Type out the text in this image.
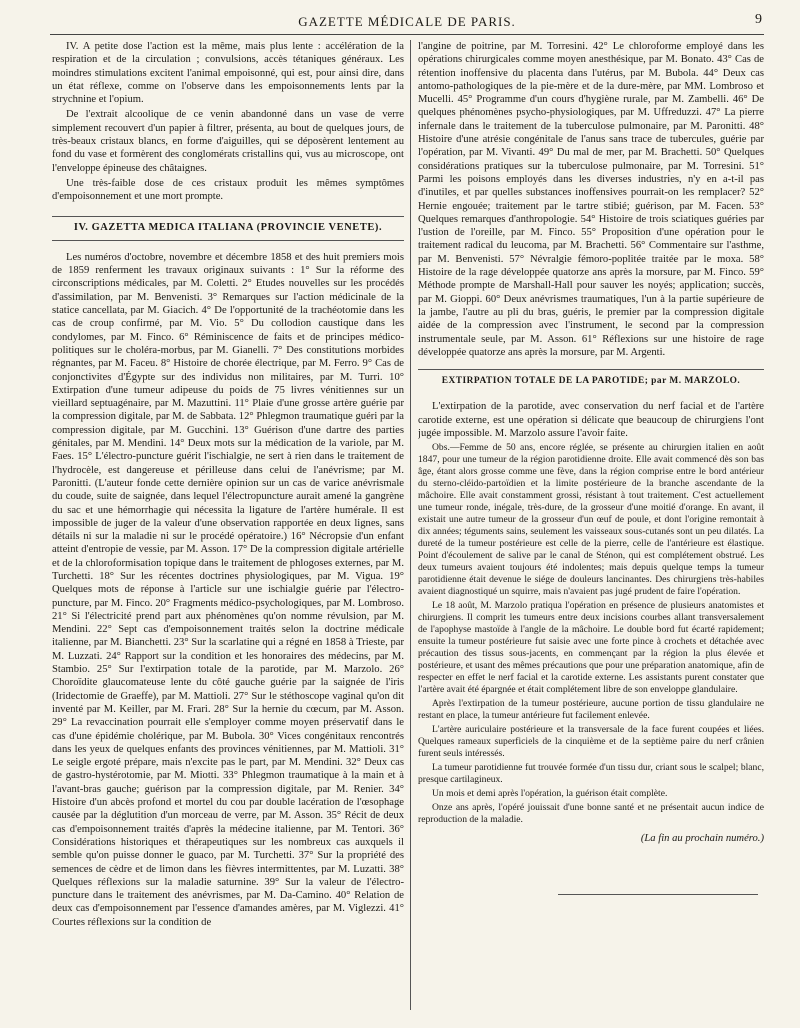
GAZETTE MÉDICALE DE PARIS.	9

IV. A petite dose l'action est la même, mais plus lente : accélération de la respiration et de la circulation ; convulsions, accès tétaniques généraux. Les moindres stimulations excitent l'animal empoisonné, qui est, pour ainsi dire, dans un état réflexe, comme on l'observe dans les empoisonnements lents par la strychnine et l'opium.

De l'extrait alcoolique de ce venin abandonné dans un vase de verre simplement recouvert d'un papier à filtrer, présenta, au bout de quelques jours, de très-beaux cristaux blancs, en forme d'aiguilles, qui se déposèrent lentement au fond du vase et formèrent des conglomérats cristallins qui, vus au microscope, ont l'enveloppe épineuse des châtaignes.

Une très-faible dose de ces cristaux produit les mêmes symptômes d'empoisonnement et une mort prompte.

IV. GAZETTA MEDICA ITALIANA (PROVINCIE VENETE).

Les numéros d'octobre, novembre et décembre 1858 et des huit premiers mois de 1859 renferment les travaux originaux suivants : 1° Sur la réforme des circonscriptions médicales, par M. Coletti. 2° Etudes nouvelles sur les procédés d'assimilation, par M. Benvenisti. 3° Remarques sur l'action médicinale de la statice cancellata, par M. Giacich. 4° De l'opportunité de la trachéotomie dans les cas de croup confirmé, par M. Vio. 5° Du collodion caustique dans les condylomes, par M. Finco. 6° Réminiscence de faits et de principes médico-politiques sur le choléra-morbus, par M. Gianelli. 7° Des constitutions morbides régnantes, par M. Faceu. 8° Histoire de chorée électrique, par M. Ferro. 9° Cas de conjonctivites d'Égypte sur des individus non militaires, par M. Turri. 10° Extirpation d'une tumeur adipeuse du poids de 75 livres vénitiennes sur un vieillard septuagénaire, par M. Mazuttini. 11° Plaie d'une grosse artère guérie par la compression digitale, par M. de Sabbata. 12° Phlegmon traumatique guéri par la compression digitale, par M. Gucchini. 13° Guérison d'une dartre des parties génitales, par M. Mendini. 14° Deux mots sur la médication de la variole, par M. Faes. 15° L'électro-puncture guérit l'ischialgie, ne sert à rien dans le traitement de l'hydrocèle, est dangereuse et périlleuse dans celui de l'anévrisme; par M. Paronitti. (L'auteur fonde cette dernière opinion sur un cas de varice anévrismale du coude, suite de saignée, dans lequel l'électropuncture aurait amené la gangrène du sac et une hémorrhagie qui nécessita la ligature de l'artère humérale. Il est impossible de juger de la valeur d'une observation rapportée en deux lignes, sans détails ni sur la maladie ni sur le procédé opératoire.) 16° Nécropsie d'un enfant atteint d'entropie de vessie, par M. Asson. 17° De la compression digitale artérielle et de la chloroformisation topique dans le traitement de phlogoses externes, par M. Turchetti. 18° Sur les récentes doctrines physiologiques, par M. Vigua. 19° Quelques mots de réponse à l'article sur une ischialgie guérie par l'électro-puncture, par M. Finco. 20° Fragments médico-psychologiques, par M. Lombroso. 21° Si l'électricité prend part aux phénomènes qu'on nomme révulsion, par M. Mendini. 22° Sept cas d'empoisonnement traités selon la doctrine médicale italienne, par M. Bianchetti. 23° Sur la scarlatine qui a régné en 1858 à Trieste, par M. Luzzati. 24° Rapport sur la condition et les honoraires des médecins, par M. Stambio. 25° Sur l'extirpation totale de la parotide, par M. Marzolo. 26° Choroïdite glaucomateuse lente du côté gauche guérie par la saignée de l'iris (Iridectomie de Graeffe), par M. Mattioli. 27° Sur le stéthoscope vaginal qu'on dit inventé par M. Keiller, par M. Frari. 28° Sur la hernie du cœcum, par M. Asson. 29° La revaccination pourrait elle s'employer comme moyen préservatif dans le cas d'une épidémie cholérique, par M. Bubola. 30° Vices congénitaux rencontrés dans les yeux de quelques enfants des provinces vénitiennes, par M. Mattioli. 31° Le seigle ergoté prépare, mais n'excite pas le part, par M. Mendini. 32° Deux cas de gastro-hystérotomie, par M. Miotti. 33° Phlegmon traumatique à la main et à l'avant-bras gauche; guérison par la compression digitale, par M. Renier. 34° Histoire d'un abcès profond et mortel du cou par double lacération de l'œsophage causée par la déglutition d'un morceau de verre, par M. Asson. 35° Récit de deux cas d'empoisonnement traités d'après la médecine italienne, par M. Tentori. 36° Considérations historiques et thérapeutiques sur les nombreux cas auxquels il semble qu'on puisse donner le guaco, par M. Turchetti. 37° Sur la propriété des semences de cèdre et de limon dans les fièvres intermittentes, par M. Luzatti. 38° Quelques réflexions sur la maladie saturnine. 39° Sur la valeur de l'électro-puncture dans le traitement des anévrismes, par M. Da-Camino. 40° Relation de deux cas d'empoisonnement par l'essence d'amandes amères, par M. Viglezzi. 41° Courtes réflexions sur la condition de

l'angine de poitrine, par M. Torresini. 42° Le chloroforme employé dans les opérations chirurgicales comme moyen anesthésique, par M. Bonato. 43° Cas de rétention inoffensive du placenta dans l'utérus, par M. Bubola. 44° Deux cas antomo-pathologiques de la pie-mère et de la dure-mère, par MM. Lombroso et Mucelli. 45° Programme d'un cours d'hygiène rurale, par M. Zambelli. 46° De quelques phénomènes psycho-physiologiques, par M. Uffreduzzi. 47° La pierre infernale dans le traitement de la tuberculose pulmonaire, par M. Paronitti. 48° Histoire d'une atrésie congénitale de l'anus sans trace de tubercules, guérie par l'opération, par M. Vivanti. 49° Du mal de mer, par M. Brachetti. 50° Quelques considérations pratiques sur la tuberculose pulmonaire, par M. Torresini. 51° Parmi les poisons employés dans les diverses industries, n'y en a-t-il pas d'inutiles, et par quelles substances inoffensives pourrait-on les remplacer? 52° Hernie engouée; traitement par le tartre stibié; guérison, par M. Facen. 53° Quelques remarques d'anthropologie. 54° Histoire de trois sciatiques guéries par l'ustion de l'oreille, par M. Finco. 55° Proposition d'une opération pour le traitement radical du leucoma, par M. Brachetti. 56° Commentaire sur l'asthme, par M. Benvenisti. 57° Névralgie fémoro-poplitée traitée par le moxa. 58° Histoire de la rage développée quatorze ans après la morsure, par M. Finco. 59° Méthode prompte de Marshall-Hall pour sauver les noyés; application; succès, par M. Gioppi. 60° Deux anévrismes traumatiques, l'un à la partie supérieure de la jambe, l'autre au pli du bras, guéris, le premier par la compression digitale aidée de la compression avec l'instrument, le second par la compression instrumentale seule, par M. Asson. 61° Réflexions sur une histoire de rage développée quatorze ans après la morsure, par M. Argenti.

EXTIRPATION TOTALE DE LA PAROTIDE; par M. MARZOLO.

L'extirpation de la parotide, avec conservation du nerf facial et de l'artère carotide externe, est une opération si délicate que beaucoup de chirurgiens l'ont jugée impossible. M. Marzolo assure l'avoir faite.

Obs.—Femme de 50 ans, encore réglée, se présente au chirurgien italien en août 1847, pour une tumeur de la région parotidienne droite. Elle avait commencé dès son bas âge, étant alors grosse comme une fève, dans la région comprise entre le bord antérieur du sterno-cléido-partoïdien et la limite postérieure de la branche ascendante de la mâchoire. Elle avait constamment grossi, résistant à tout traitement. C'est actuellement une tumeur ronde, inégale, très-dure, de la grosseur d'une moitié d'orange. En avant, il existait une autre tumeur de la grosseur d'un œuf de poule, et dont l'origine remontait à dix années; téguments sains, seulement les vaisseaux sous-cutanés sont un peu dilatés. La dureté de la tumeur postérieure est celle de la pierre, celle de l'antérieure est élastique. Point d'écoulement de salive par le canal de Sténon, qui est complétement obstrué. Les deux tumeurs avaient toujours été indolentes; mais depuis quelque temps la tumeur parotidienne était devenue le siége de douleurs lancinantes. Des chirurgiens très-habiles avaient diagnostiqué un squirre, mais n'avaient pas jugé prudent de faire l'opération.

Le 18 août, M. Marzolo pratiqua l'opération en présence de plusieurs anatomistes et chirurgiens. Il comprit les tumeurs entre deux incisions courbes allant transversalement de l'apophyse mastoïde à l'angle de la mâchoire. Le double bord fut écarté rapidement; ensuite la tumeur postérieure fut saisie avec une forte pince à crochets et détachée avec précaution des tissus sous-jacents, en commençant par la région la plus élevée et postérieure, et usant des mêmes précautions que pour une préparation anatomique, afin de respecter en effet le nerf facial et la carotide externe. Les assistants purent constater que l'artère avait été épargnée et était complétement libre de son enveloppe glandulaire.

Après l'extirpation de la tumeur postérieure, aucune portion de tissu glandulaire ne restant en place, la tumeur antérieure fut facilement enlevée.

L'artère auriculaire postérieure et la transversale de la face furent coupées et liées. Quelques rameaux superficiels de la cinquième et de la septième paire du nerf crânien furent seuls intéressés.

La tumeur parotidienne fut trouvée formée d'un tissu dur, criant sous le scalpel; blanc, presque cartilagineux.

Un mois et demi après l'opération, la guérison était complète.

Onze ans après, l'opéré jouissait d'une bonne santé et ne présentait aucun indice de reproduction de la maladie.

(La fin au prochain numéro.)
